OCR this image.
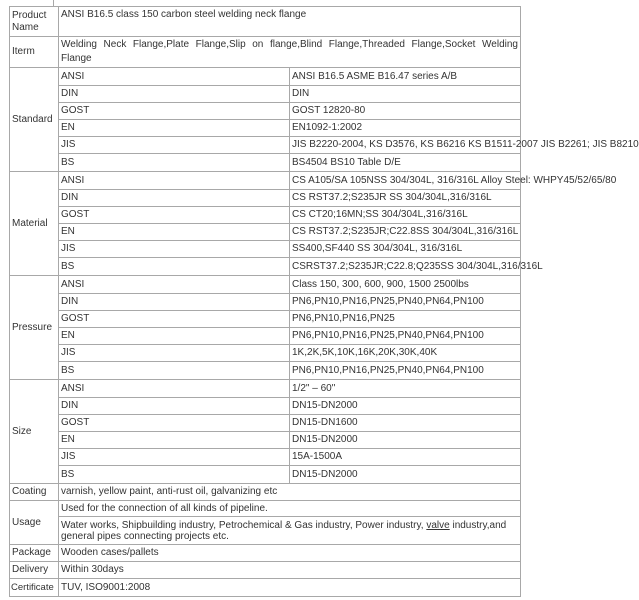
Product Name	ANSI B16.5 class 150 carbon steel welding neck flange	
Iterm	Welding Neck Flange,Plate Flange,Slip on flange,Blind Flange,Threaded Flange,Socket Welding Flange	
Standard	ANSI	ANSI B16.5 ASME B16.47 series A/B
	DIN	DIN
	GOST	GOST 12820-80
	EN	EN1092-1:2002
	JIS	JIS B2220-2004, KS D3576, KS B6216 KS B1511-2007 JIS B2261; JIS B8210
	BS	BS4504 BS10 Table D/E
Material	ANSI	CS A105/SA 105NSS 304/304L, 316/316L Alloy Steel: WHPY45/52/65/80
	DIN	CS RST37.2;S235JR SS 304/304L,316/316L
	GOST	CS CT20;16MN;SS 304/304L,316/316L
	EN	CS RST37.2;S235JR;C22.8SS 304/304L,316/316L
	JIS	SS400,SF440 SS 304/304L, 316/316L
	BS	CSRST37.2;S235JR;C22.8;Q235SS 304/304L,316/316L
Pressure	ANSI	Class 150, 300, 600, 900, 1500 2500lbs
	DIN	PN6,PN10,PN16,PN25,PN40,PN64,PN100
	GOST	PN6,PN10,PN16,PN25
	EN	PN6,PN10,PN16,PN25,PN40,PN64,PN100
	JIS	1K,2K,5K,10K,16K,20K,30K,40K
	BS	PN6,PN10,PN16,PN25,PN40,PN64,PN100
Size	ANSI	1/2" – 60"
	DIN	DN15-DN2000
	GOST	DN15-DN1600
	EN	DN15-DN2000
	JIS	15A-1500A
	BS	DN15-DN2000
Coating	varnish, yellow paint, anti-rust oil, galvanizing etc	
Usage	Used for the connection of all kinds of pipeline.	
	Water works, Shipbuilding industry, Petrochemical & Gas industry, Power industry, valve industry,and general pipes connecting projects etc.	
Package	Wooden cases/pallets	
Delivery	Within 30days	
Certificate	TUV, ISO9001:2008	
